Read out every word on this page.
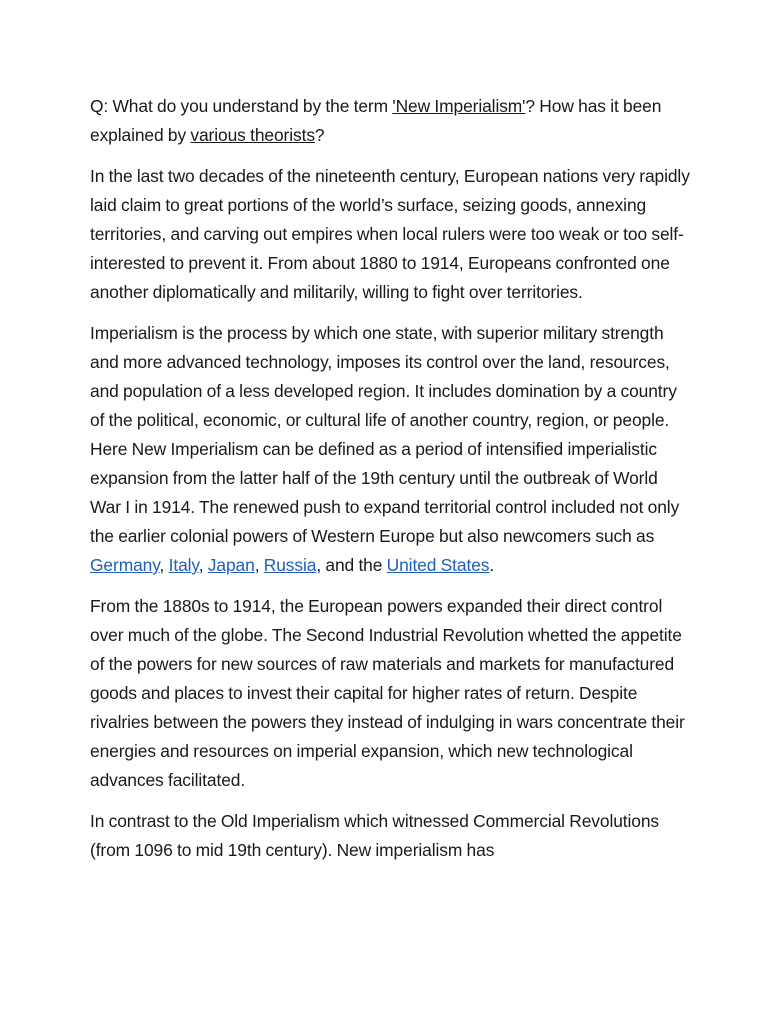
Q: What do you understand by the term 'New Imperialism'? How has it been explained by various theorists?

In the last two decades of the nineteenth century, European nations very rapidly laid claim to great portions of the world’s surface, seizing goods, annexing territories, and carving out empires when local rulers were too weak or too self-interested to prevent it. From about 1880 to 1914, Europeans confronted one another diplomatically and militarily, willing to fight over territories.

Imperialism is the process by which one state, with superior military strength and more advanced technology, imposes its control over the land, resources, and population of a less developed region. It includes domination by a country of the political, economic, or cultural life of another country, region, or people. Here New Imperialism can be defined as a period of intensified imperialistic expansion from the latter half of the 19th century until the outbreak of World War I in 1914. The renewed push to expand territorial control included not only the earlier colonial powers of Western Europe but also newcomers such as Germany, Italy, Japan, Russia, and the United States.

From the 1880s to 1914, the European powers expanded their direct control over much of the globe. The Second Industrial Revolution whetted the appetite of the powers for new sources of raw materials and markets for manufactured goods and places to invest their capital for higher rates of return. Despite rivalries between the powers they instead of indulging in wars concentrate their energies and resources on imperial expansion, which new technological advances facilitated.

In contrast to the Old Imperialism which witnessed Commercial Revolutions (from 1096 to mid 19th century). New imperialism has
